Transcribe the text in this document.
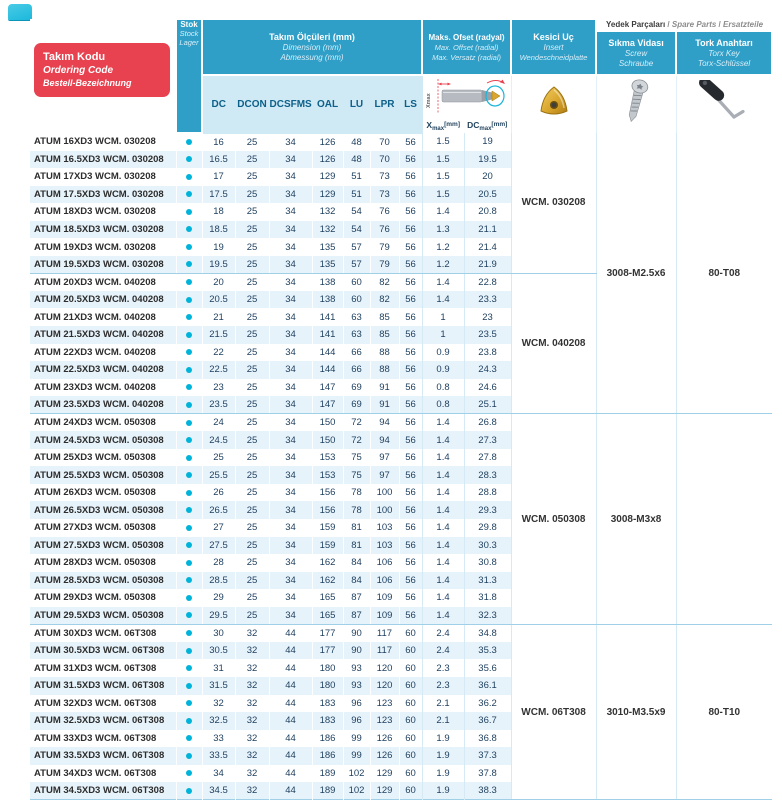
Takım Kodu
Ordering Code
Bestell-Bezeichnung

Stok
Stock
Lager

Takım Ölçüleri (mm)
Dimension (mm)
Abmessung (mm)

Maks. Ofset (radyal)
Max. Offset (radial)
Max. Versatz (radial)

Kesici Uç
Insert
Wendeschneidplatte
	Yedek Parçaları / Spare Parts / Ersatzteile

Sıkma Vidası
Screw
Schraube

Tork Anahtarı
Torx Key
Torx-Schlüssel

		DC	DCON	DCSFMS	OAL	LU	LPR	LS	Xmax
$X_{max}[mm]$ $DC_{max}[mm]$

ATUM 16XD3 WCM. 030208		16	25	34	126	48	70	56	1.5	19	WCM. 030208	3008-M2.5x6	80-T08
ATUM 16.5XD3 WCM. 030208		16.5	25	34	126	48	70	56	1.5	19.5			
ATUM 17XD3 WCM. 030208		17	25	34	129	51	73	56	1.5	20			
ATUM 17.5XD3 WCM. 030208		17.5	25	34	129	51	73	56	1.5	20.5			
ATUM 18XD3 WCM. 030208		18	25	34	132	54	76	56	1.4	20.8			
ATUM 18.5XD3 WCM. 030208		18.5	25	34	132	54	76	56	1.3	21.1			
ATUM 19XD3 WCM. 030208		19	25	34	135	57	79	56	1.2	21.4			
ATUM 19.5XD3 WCM. 030208		19.5	25	34	135	57	79	56	1.2	21.9			
ATUM 20XD3 WCM. 040208		20	25	34	138	60	82	56	1.4	22.8	WCM. 040208		
ATUM 20.5XD3 WCM. 040208		20.5	25	34	138	60	82	56	1.4	23.3			
ATUM 21XD3 WCM. 040208		21	25	34	141	63	85	56	1	23			
ATUM 21.5XD3 WCM. 040208		21.5	25	34	141	63	85	56	1	23.5			
ATUM 22XD3 WCM. 040208		22	25	34	144	66	88	56	0.9	23.8			
ATUM 22.5XD3 WCM. 040208		22.5	25	34	144	66	88	56	0.9	24.3			
ATUM 23XD3 WCM. 040208		23	25	34	147	69	91	56	0.8	24.6			
ATUM 23.5XD3 WCM. 040208		23.5	25	34	147	69	91	56	0.8	25.1			
ATUM 24XD3 WCM. 050308		24	25	34	150	72	94	56	1.4	26.8	WCM. 050308	3008-M3x8	
ATUM 24.5XD3 WCM. 050308		24.5	25	34	150	72	94	56	1.4	27.3			
ATUM 25XD3 WCM. 050308		25	25	34	153	75	97	56	1.4	27.8			
ATUM 25.5XD3 WCM. 050308		25.5	25	34	153	75	97	56	1.4	28.3			
ATUM 26XD3 WCM. 050308		26	25	34	156	78	100	56	1.4	28.8			
ATUM 26.5XD3 WCM. 050308		26.5	25	34	156	78	100	56	1.4	29.3			
ATUM 27XD3 WCM. 050308		27	25	34	159	81	103	56	1.4	29.8			
ATUM 27.5XD3 WCM. 050308		27.5	25	34	159	81	103	56	1.4	30.3			
ATUM 28XD3 WCM. 050308		28	25	34	162	84	106	56	1.4	30.8			
ATUM 28.5XD3 WCM. 050308		28.5	25	34	162	84	106	56	1.4	31.3			
ATUM 29XD3 WCM. 050308		29	25	34	165	87	109	56	1.4	31.8			
ATUM 29.5XD3 WCM. 050308		29.5	25	34	165	87	109	56	1.4	32.3			
ATUM 30XD3 WCM. 06T308		30	32	44	177	90	117	60	2.4	34.8	WCM. 06T308	3010-M3.5x9	80-T10
ATUM 30.5XD3 WCM. 06T308		30.5	32	44	177	90	117	60	2.4	35.3			
ATUM 31XD3 WCM. 06T308		31	32	44	180	93	120	60	2.3	35.6			
ATUM 31.5XD3 WCM. 06T308		31.5	32	44	180	93	120	60	2.3	36.1			
ATUM 32XD3 WCM. 06T308		32	32	44	183	96	123	60	2.1	36.2			
ATUM 32.5XD3 WCM. 06T308		32.5	32	44	183	96	123	60	2.1	36.7			
ATUM 33XD3 WCM. 06T308		33	32	44	186	99	126	60	1.9	36.8			
ATUM 33.5XD3 WCM. 06T308		33.5	32	44	186	99	126	60	1.9	37.3			
ATUM 34XD3 WCM. 06T308		34	32	44	189	102	129	60	1.9	37.8			
ATUM 34.5XD3 WCM. 06T308		34.5	32	44	189	102	129	60	1.9	38.3			
